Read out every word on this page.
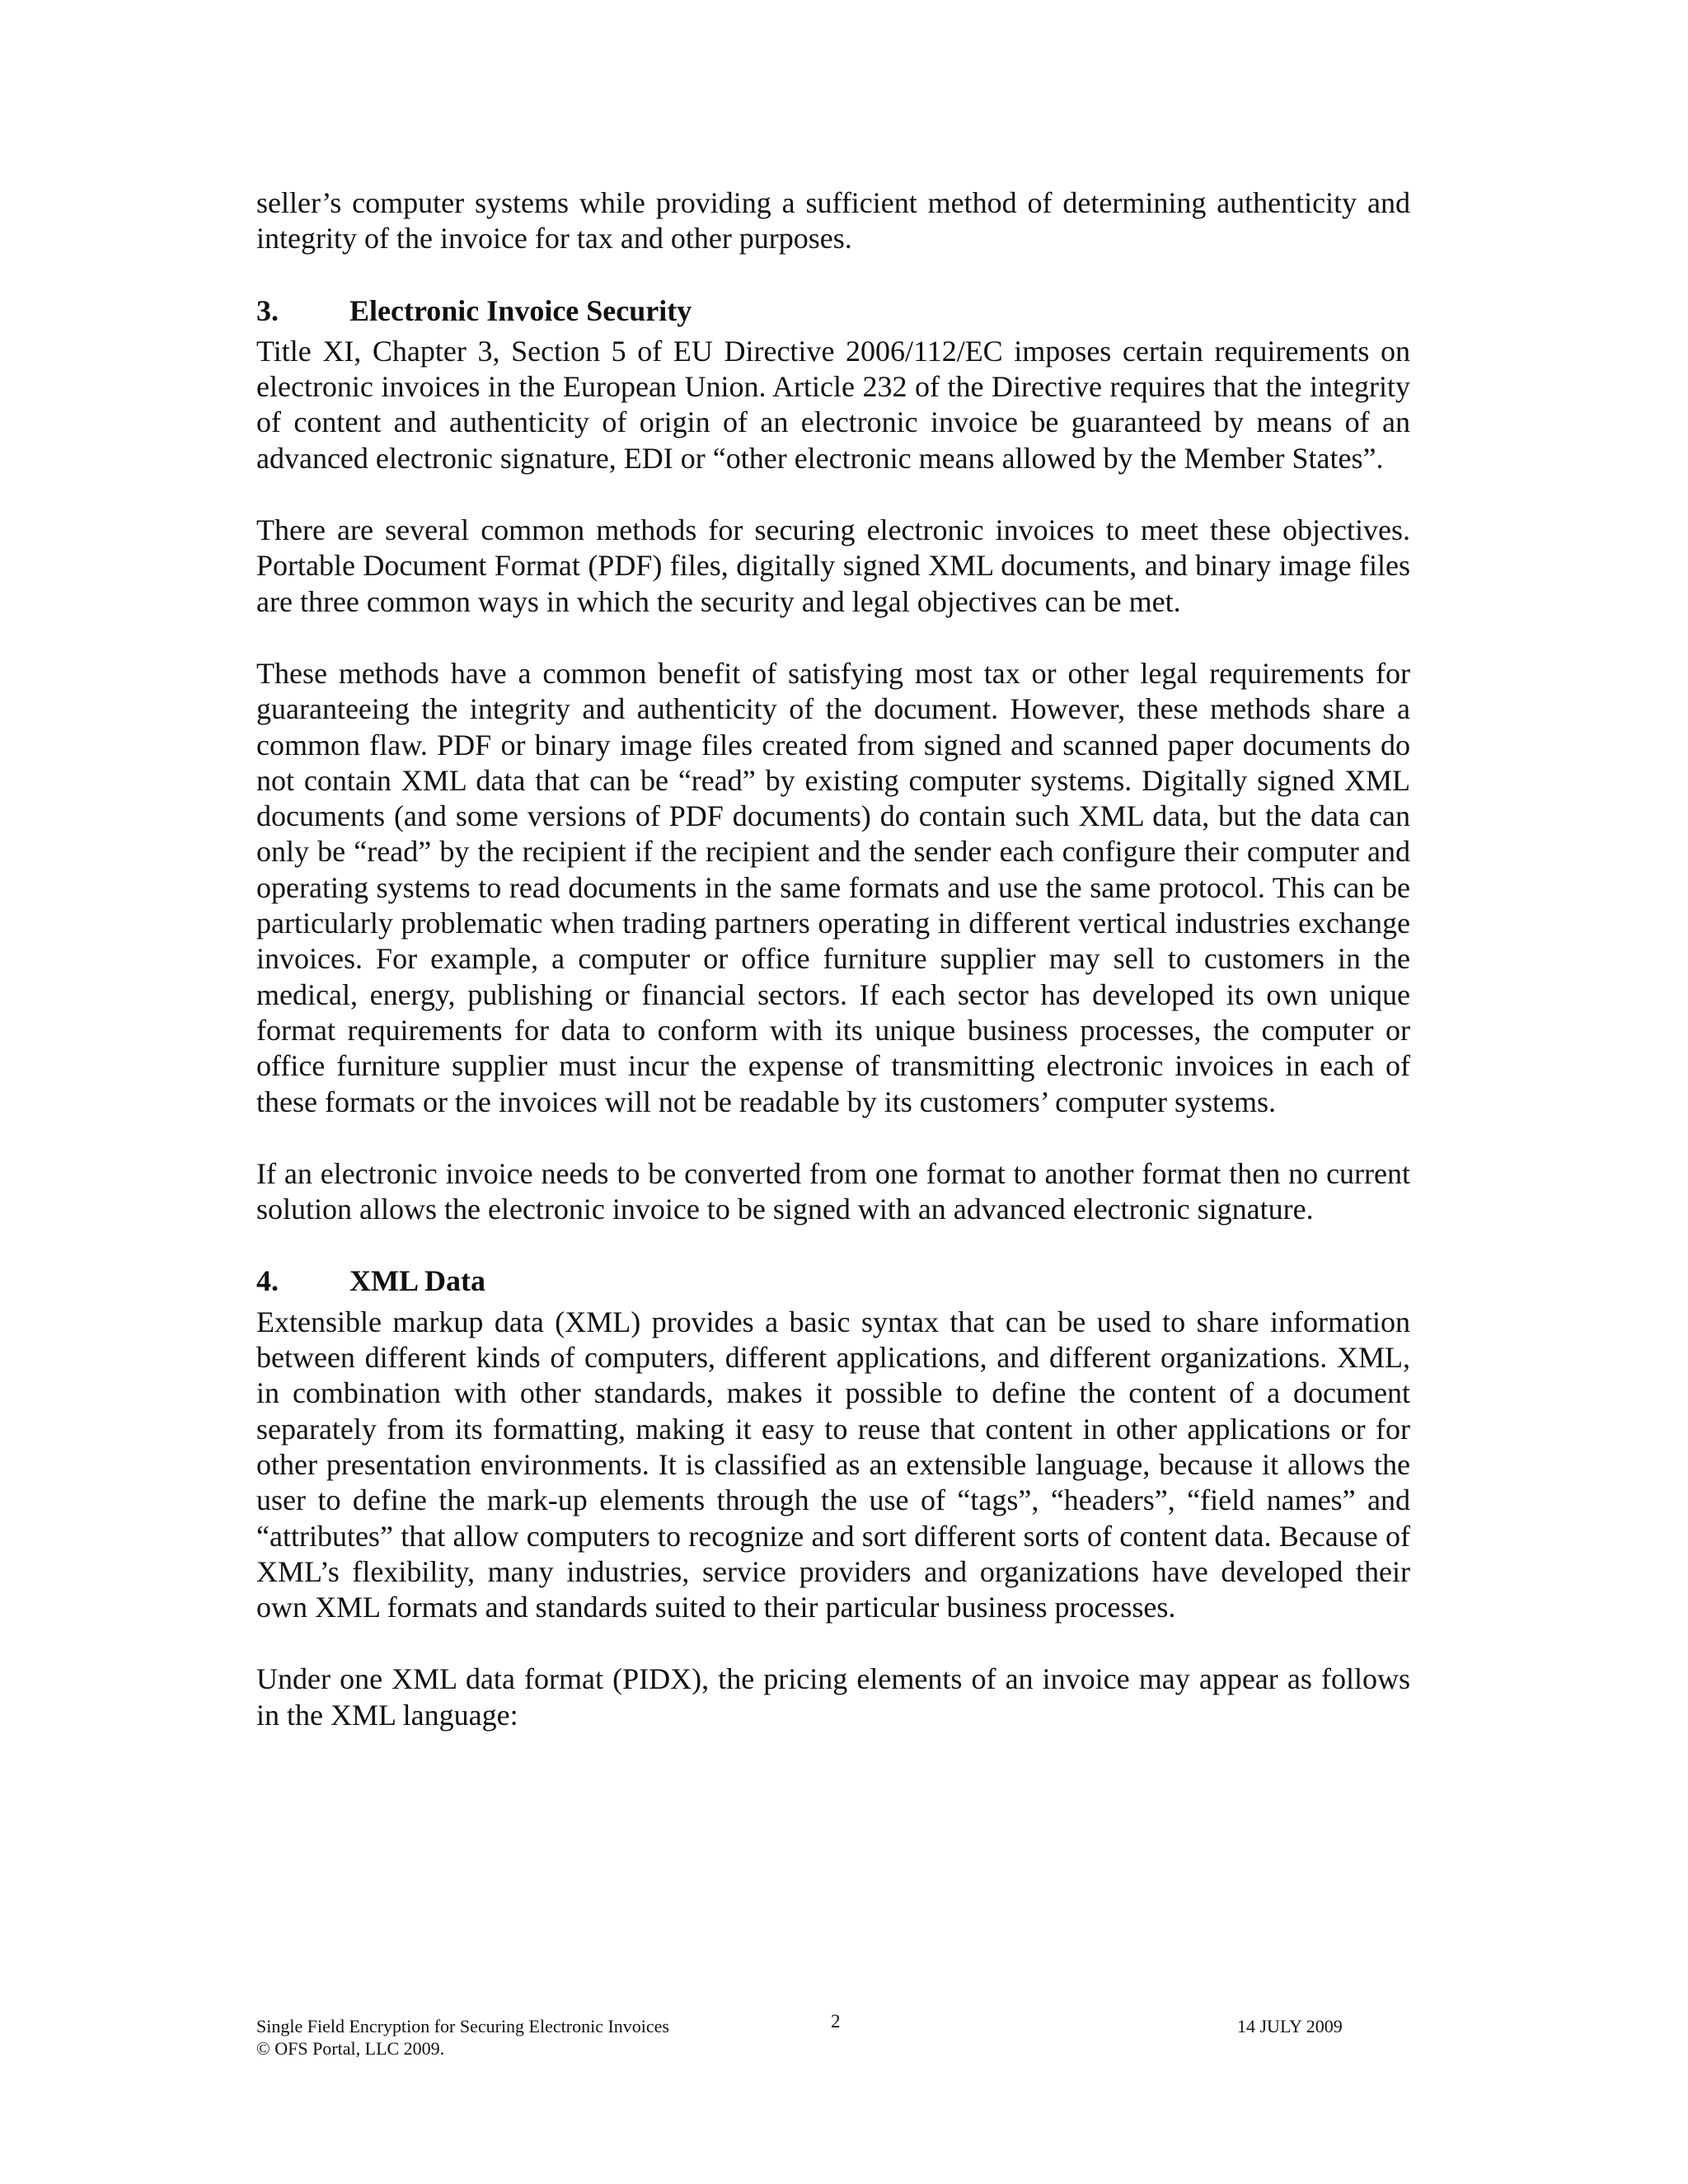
seller’s computer systems while providing a sufficient method of determining authenticity and integrity of the invoice for tax and other purposes.

3.	Electronic Invoice Security

Title XI, Chapter 3, Section 5 of EU Directive 2006/112/EC imposes certain requirements on electronic invoices in the European Union. Article 232 of the Directive requires that the integrity of content and authenticity of origin of an electronic invoice be guaranteed by means of an advanced electronic signature, EDI or “other electronic means allowed by the Member States”.

There are several common methods for securing electronic invoices to meet these objectives. Portable Document Format (PDF) files, digitally signed XML documents, and binary image files are three common ways in which the security and legal objectives can be met.

These methods have a common benefit of satisfying most tax or other legal requirements for guaranteeing the integrity and authenticity of the document. However, these methods share a common flaw. PDF or binary image files created from signed and scanned paper documents do not contain XML data that can be “read” by existing computer systems. Digitally signed XML documents (and some versions of PDF documents) do contain such XML data, but the data can only be “read” by the recipient if the recipient and the sender each configure their computer and operating systems to read documents in the same formats and use the same protocol. This can be particularly problematic when trading partners operating in different vertical industries exchange invoices. For example, a computer or office furniture supplier may sell to customers in the medical, energy, publishing or financial sectors. If each sector has developed its own unique format requirements for data to conform with its unique business processes, the computer or office furniture supplier must incur the expense of transmitting electronic invoices in each of these formats or the invoices will not be readable by its customers’ computer systems.

If an electronic invoice needs to be converted from one format to another format then no current solution allows the electronic invoice to be signed with an advanced electronic signature.

4.	XML Data

Extensible markup data (XML) provides a basic syntax that can be used to share information between different kinds of computers, different applications, and different organizations. XML, in combination with other standards, makes it possible to define the content of a document separately from its formatting, making it easy to reuse that content in other applications or for other presentation environments. It is classified as an extensible language, because it allows the user to define the mark-up elements through the use of “tags”, “headers”, “field names” and “attributes” that allow computers to recognize and sort different sorts of content data. Because of XML’s flexibility, many industries, service providers and organizations have developed their own XML formats and standards suited to their particular business processes.

Under one XML data format (PIDX), the pricing elements of an invoice may appear as follows in the XML language:

Single Field Encryption for Securing Electronic Invoices
© OFS Portal, LLC 2009.
2	14 JULY 2009
